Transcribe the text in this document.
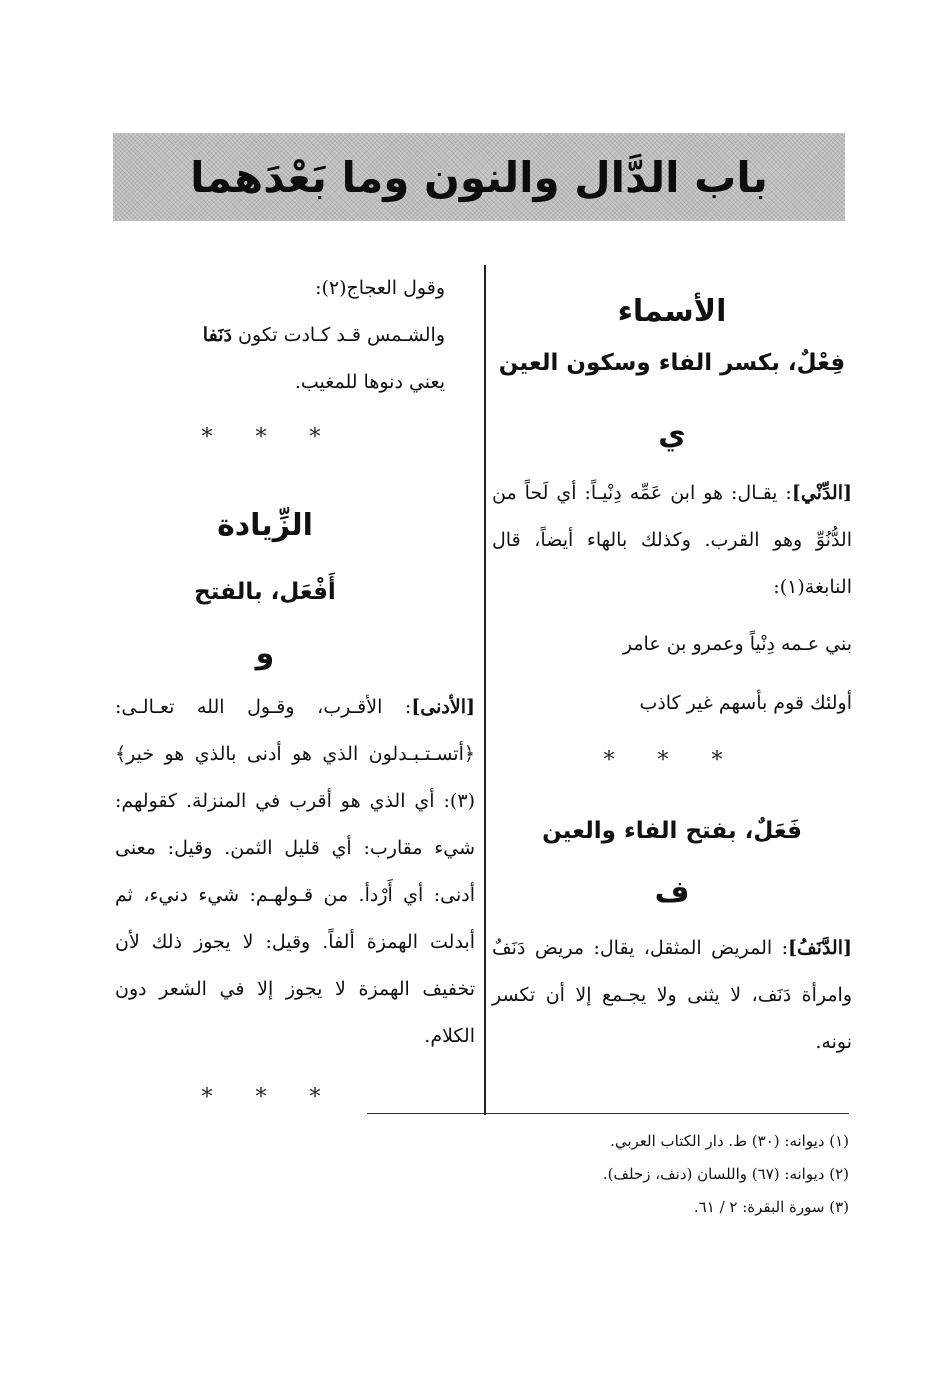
باب الدَّال والنون وما بَعْدَهما
الأسماء
فِعْلٌ، بكسر الفاء وسكون العين
ي

[الدِّنْي]: يقـال: هو ابن عَمِّه دِنْيـاً: أي لَحاً من الدُّنُوِّ وهو القرب. وكذلك بالهاء أيضاً، قال النابغة(١):

بني عـمه دِنْياً وعمرو بن عامر

أولئك قوم بأسهم غير كاذب

* * *
فَعَلٌ، بفتح الفاء والعين
ف

[الدَّنَفُ]: المريض المثقل، يقال: مريض دَنَفٌ وامرأة دَنَف، لا يثنى ولا يجـمع إلا أن تكسر نونه.

وقول العجاج(٢):

والشـمس قـد كـادت تكون دَنَفا

يعني دنوها للمغيب.

* * *
الزِّيادة
أَفْعَل، بالفتح
و

[الأدنى]: الأقـرب، وقـول الله تعـالـى: ﴿أتسـتـبـدلون الذي هو أدنى بالذي هو خير﴾(٣): أي الذي هو أقرب في المنزلة. كقولهم: شيء مقارب: أي قليل الثمن. وقيل: معنى أدنى: أي أَرْدأ. من قـولهـم: شيء دنيء، ثم أبدلت الهمزة ألفاً. وقيل: لا يجوز ذلك لأن تخفيف الهمزة لا يجوز إلا في الشعر دون الكلام.

* * *
(١) ديوانه: (٣٠) ط. دار الكتاب العربي.
(٢) ديوانه: (٦٧) واللسان (دنف، زحلف).
(٣) سورة البقرة: ٢ / ٦١.
